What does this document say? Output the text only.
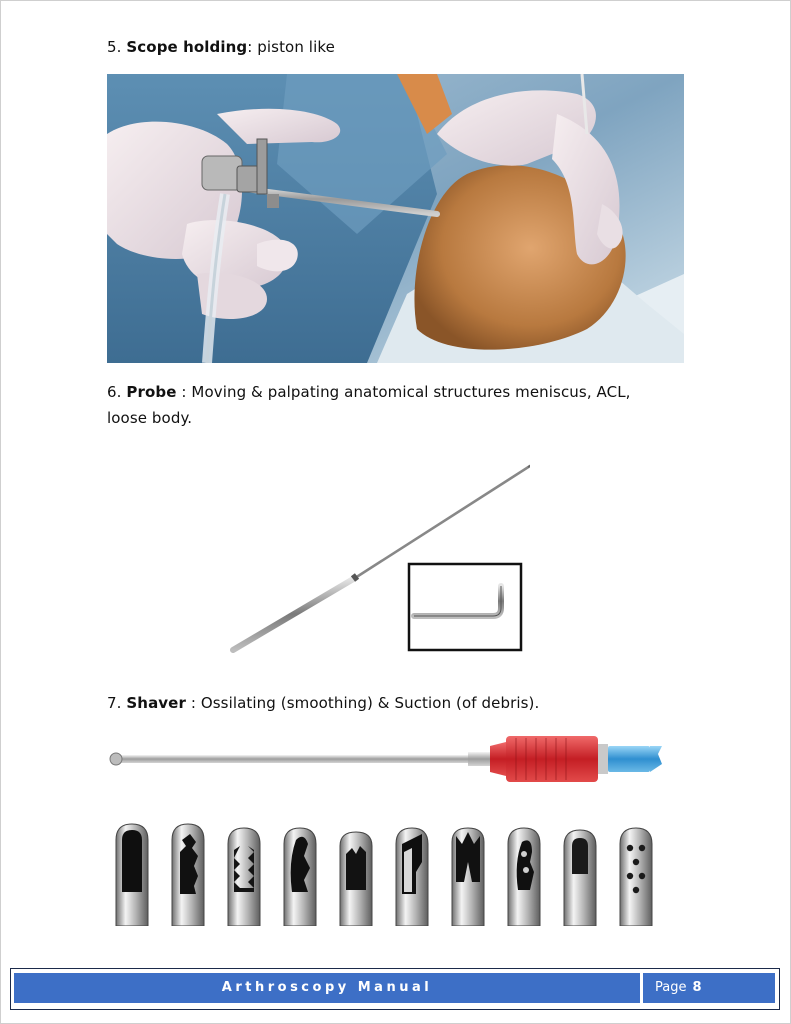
5. Scope holding: piston like
6. Probe : Moving & palpating anatomical structures meniscus, ACL,
loose body.
7. Shaver : Ossilating (smoothing) & Suction (of debris).
Arthroscopy Manual	Page 8
